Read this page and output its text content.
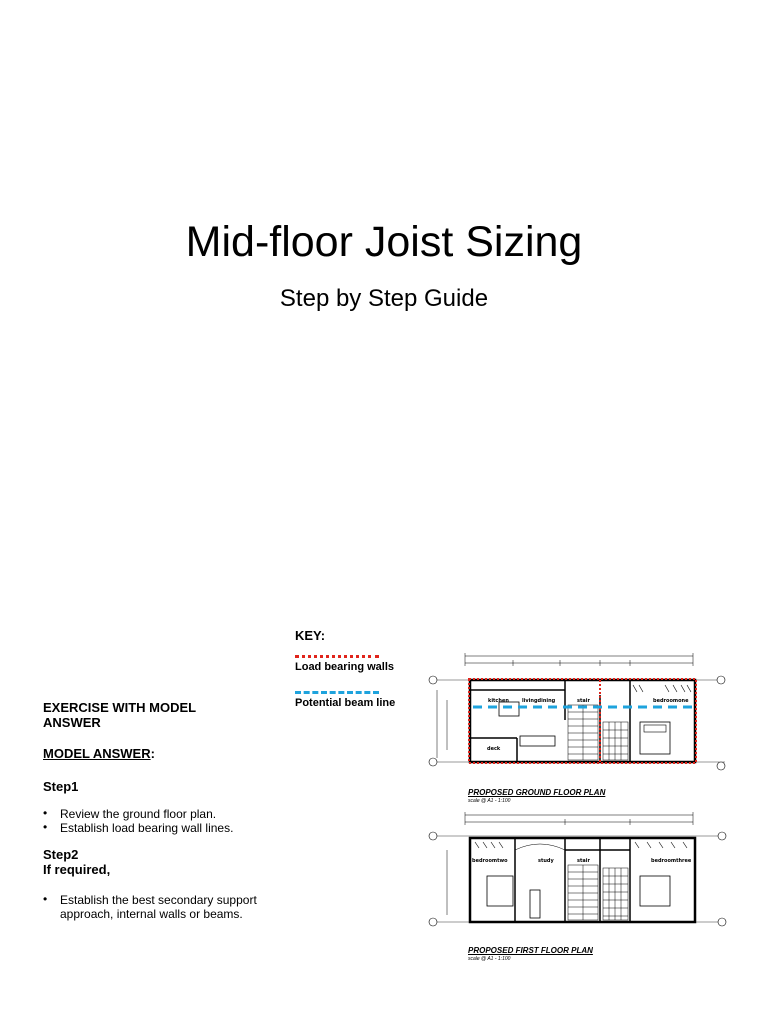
Mid-floor Joist Sizing
Step by Step Guide
KEY:
Load bearing walls
Potential beam line
EXERCISE WITH MODEL
ANSWER
MODEL ANSWER:
Step1
• Review the ground floor plan.
• Establish load bearing wall lines.
Step2
If required,
• Establish the best secondary support approach, internal walls or beams.
kitchen	livingdining	stair	bedroomone
deck
PROPOSED GROUND FLOOR PLAN
scale @ A1 - 1:100
bedroomtwo	study	stair	bedroomthree
PROPOSED FIRST FLOOR PLAN
scale @ A1 - 1:100
